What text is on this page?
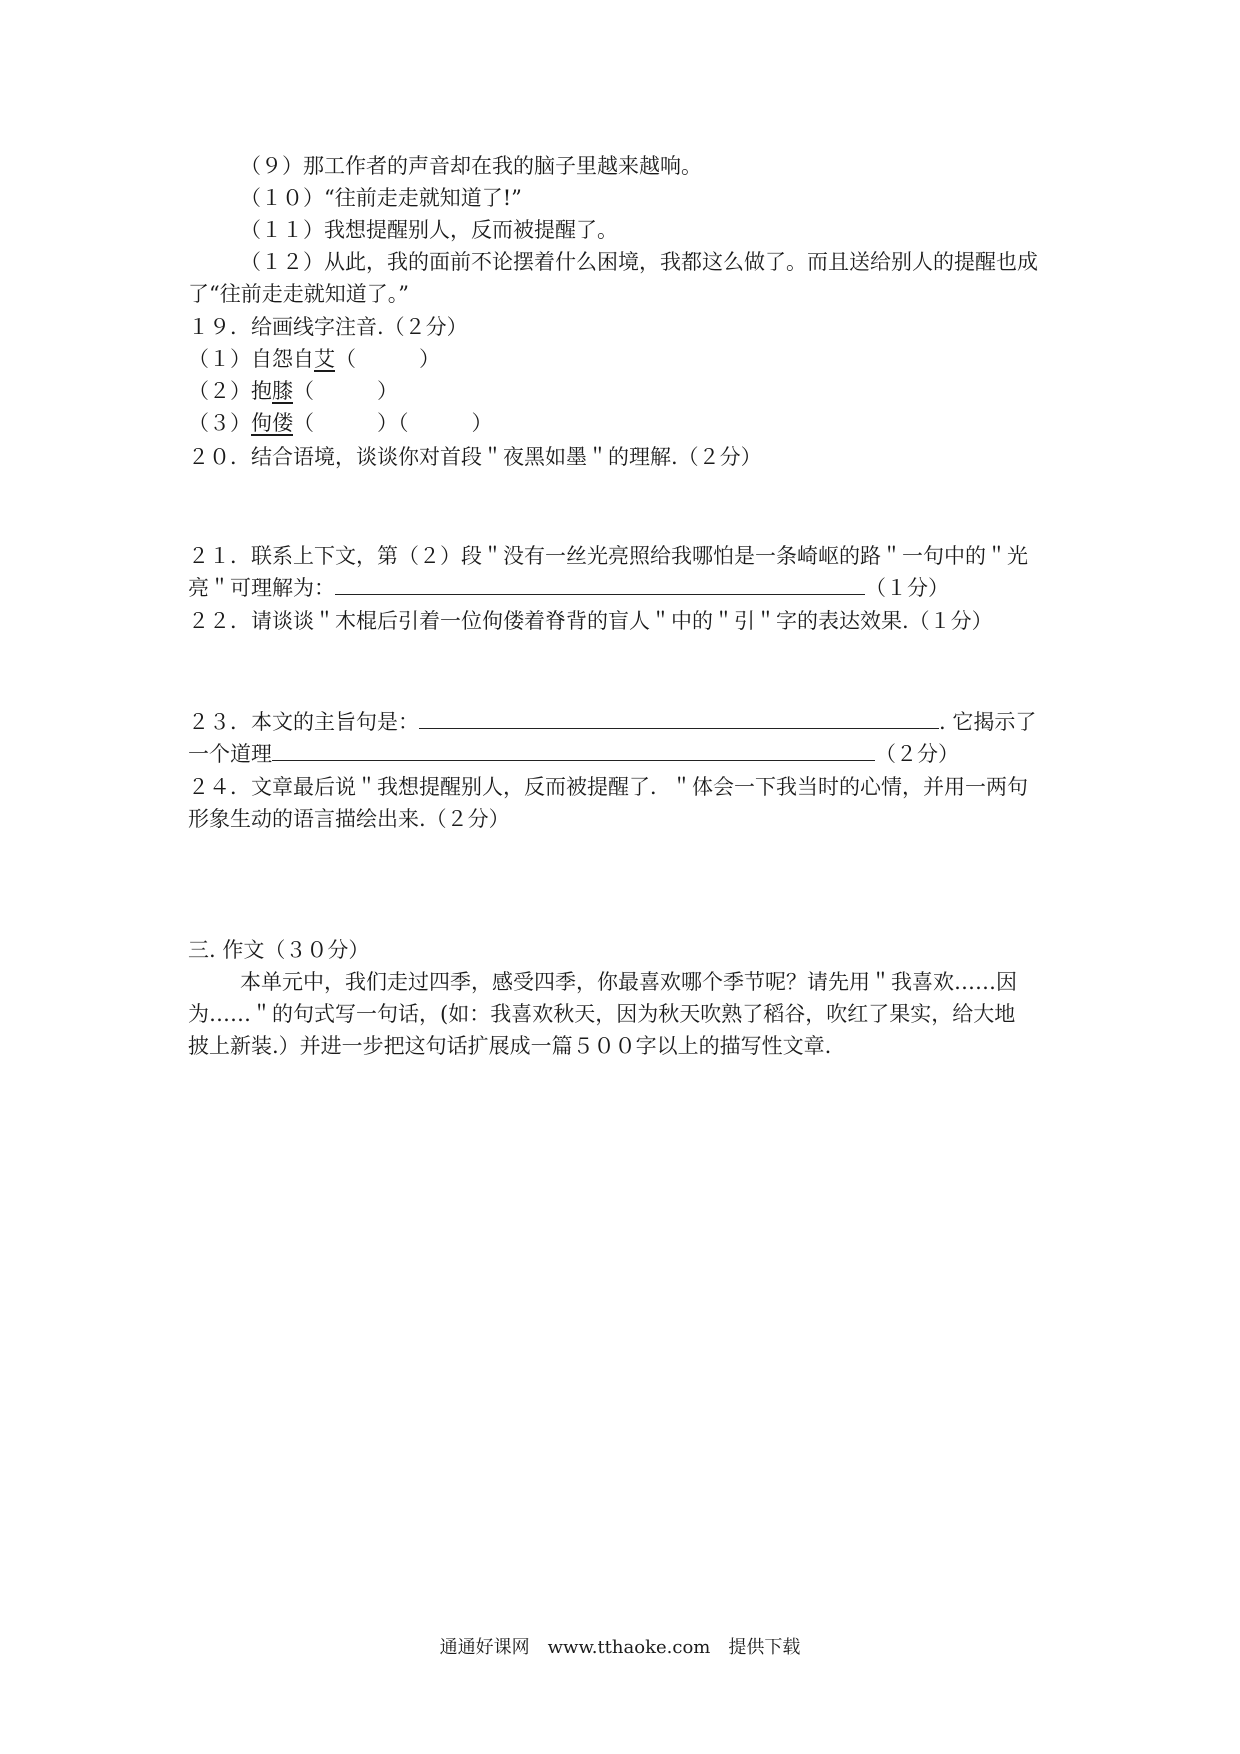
（９）那工作者的声音却在我的脑子里越来越响。
（１０）“往前走走就知道了!”
（１１）我想提醒别人，反而被提醒了。
（１２）从此，我的面前不论摆着什么困境，我都这么做了。而且送给别人的提醒也成
了“往前走走就知道了。”
１９．给画线字注音.（２分）
（１）自怨自艾（　　　）
（２）抱膝（　　　）
（３）佝偻（　　　）（　　　）
２０．结合语境，谈谈你对首段＂夜黑如墨＂的理解.（２分）
２１．联系上下文，第（２）段＂没有一丝光亮照给我哪怕是一条崎岖的路＂一句中的＂光
亮＂可理解为：	（１分）
２２．请谈谈＂木棍后引着一位佝偻着脊背的盲人＂中的＂引＂字的表达效果.（１分）
２３．本文的主旨句是：	. 它揭示了
一个道理	（２分）
２４．文章最后说＂我想提醒别人，反而被提醒了．＂体会一下我当时的心情，并用一两句
形象生动的语言描绘出来.（２分）
三. 作文（３０分）
本单元中，我们走过四季，感受四季，你最喜欢哪个季节呢？请先用＂我喜欢……因
为……＂的句式写一句话，(如：我喜欢秋天，因为秋天吹熟了稻谷，吹红了果实，给大地
披上新装.）并进一步把这句话扩展成一篇５００字以上的描写性文章.
通通好课网　www.tthaoke.com　提供下载
